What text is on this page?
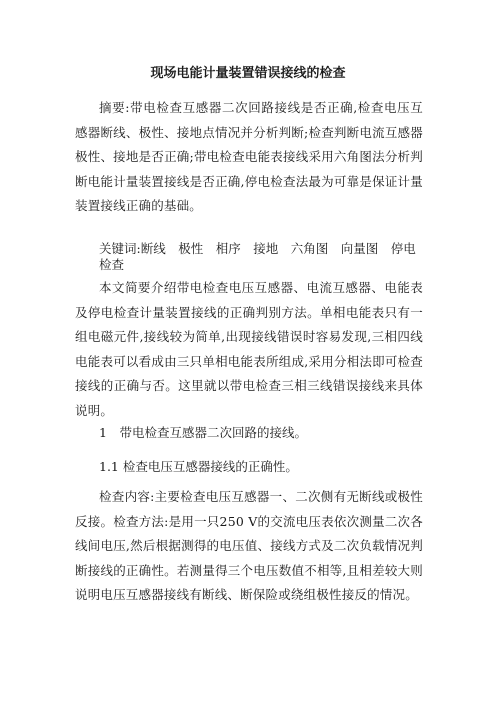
现场电能计量装置错误接线的检查

摘要:带电检查互感器二次回路接线是否正确,检查电压互感器断线、极性、接地点情况并分析判断;检查判断电流互感器极性、接地是否正确;带电检查电能表接线采用六角图法分析判断电能计量装置接线是否正确,停电检查法最为可靠是保证计量装置接线正确的基础。

关键词:断线　极性　相序　接地　六角图　向量图　停电检查

本文简要介绍带电检查电压互感器、电流互感器、电能表及停电检查计量装置接线的正确判别方法。单相电能表只有一组电磁元件,接线较为简单,出现接线错误时容易发现,三相四线电能表可以看成由三只单相电能表所组成,采用分相法即可检查接线的正确与否。这里就以带电检查三相三线错误接线来具体说明。

1　带电检查互感器二次回路的接线。

1.1 检查电压互感器接线的正确性。

检查内容:主要检查电压互感器一、二次侧有无断线或极性反接。检查方法:是用一只250 V的交流电压表依次测量二次各线间电压,然后根据测得的电压值、接线方式及二次负载情况判断接线的正确性。若测量得三个电压数值不相等,且相差较大则说明电压互感器接线有断线、断保险或绕组极性接反的情况。
